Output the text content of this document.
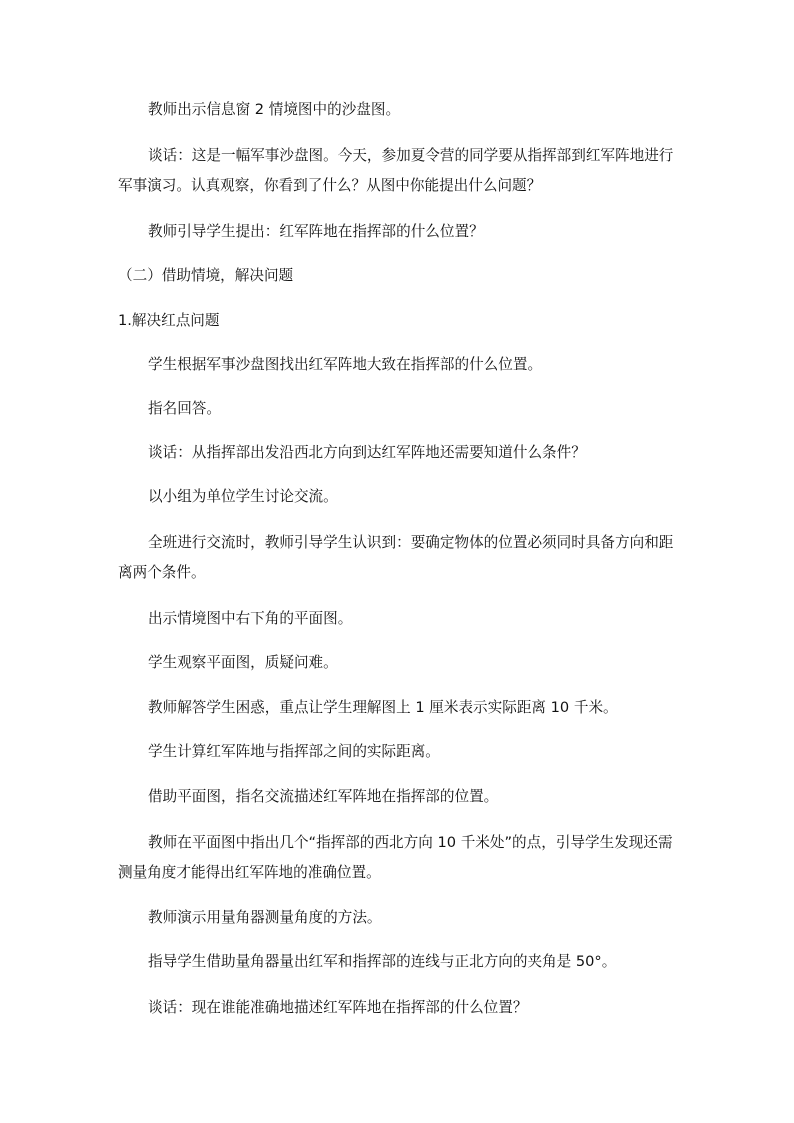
教师出示信息窗 2 情境图中的沙盘图。

谈话：这是一幅军事沙盘图。今天，参加夏令营的同学要从指挥部到红军阵地进行军事演习。认真观察，你看到了什么？从图中你能提出什么问题？

教师引导学生提出：红军阵地在指挥部的什么位置？

（二）借助情境，解决问题

1.解决红点问题

学生根据军事沙盘图找出红军阵地大致在指挥部的什么位置。

指名回答。

谈话：从指挥部出发沿西北方向到达红军阵地还需要知道什么条件？

以小组为单位学生讨论交流。

全班进行交流时，教师引导学生认识到：要确定物体的位置必须同时具备方向和距离两个条件。

出示情境图中右下角的平面图。

学生观察平面图，质疑问难。

教师解答学生困惑，重点让学生理解图上 1 厘米表示实际距离 10 千米。

学生计算红军阵地与指挥部之间的实际距离。

借助平面图，指名交流描述红军阵地在指挥部的位置。

教师在平面图中指出几个“指挥部的西北方向 10 千米处”的点，引导学生发现还需测量角度才能得出红军阵地的准确位置。

教师演示用量角器测量角度的方法。

指导学生借助量角器量出红军和指挥部的连线与正北方向的夹角是 50°。

谈话：现在谁能准确地描述红军阵地在指挥部的什么位置？
